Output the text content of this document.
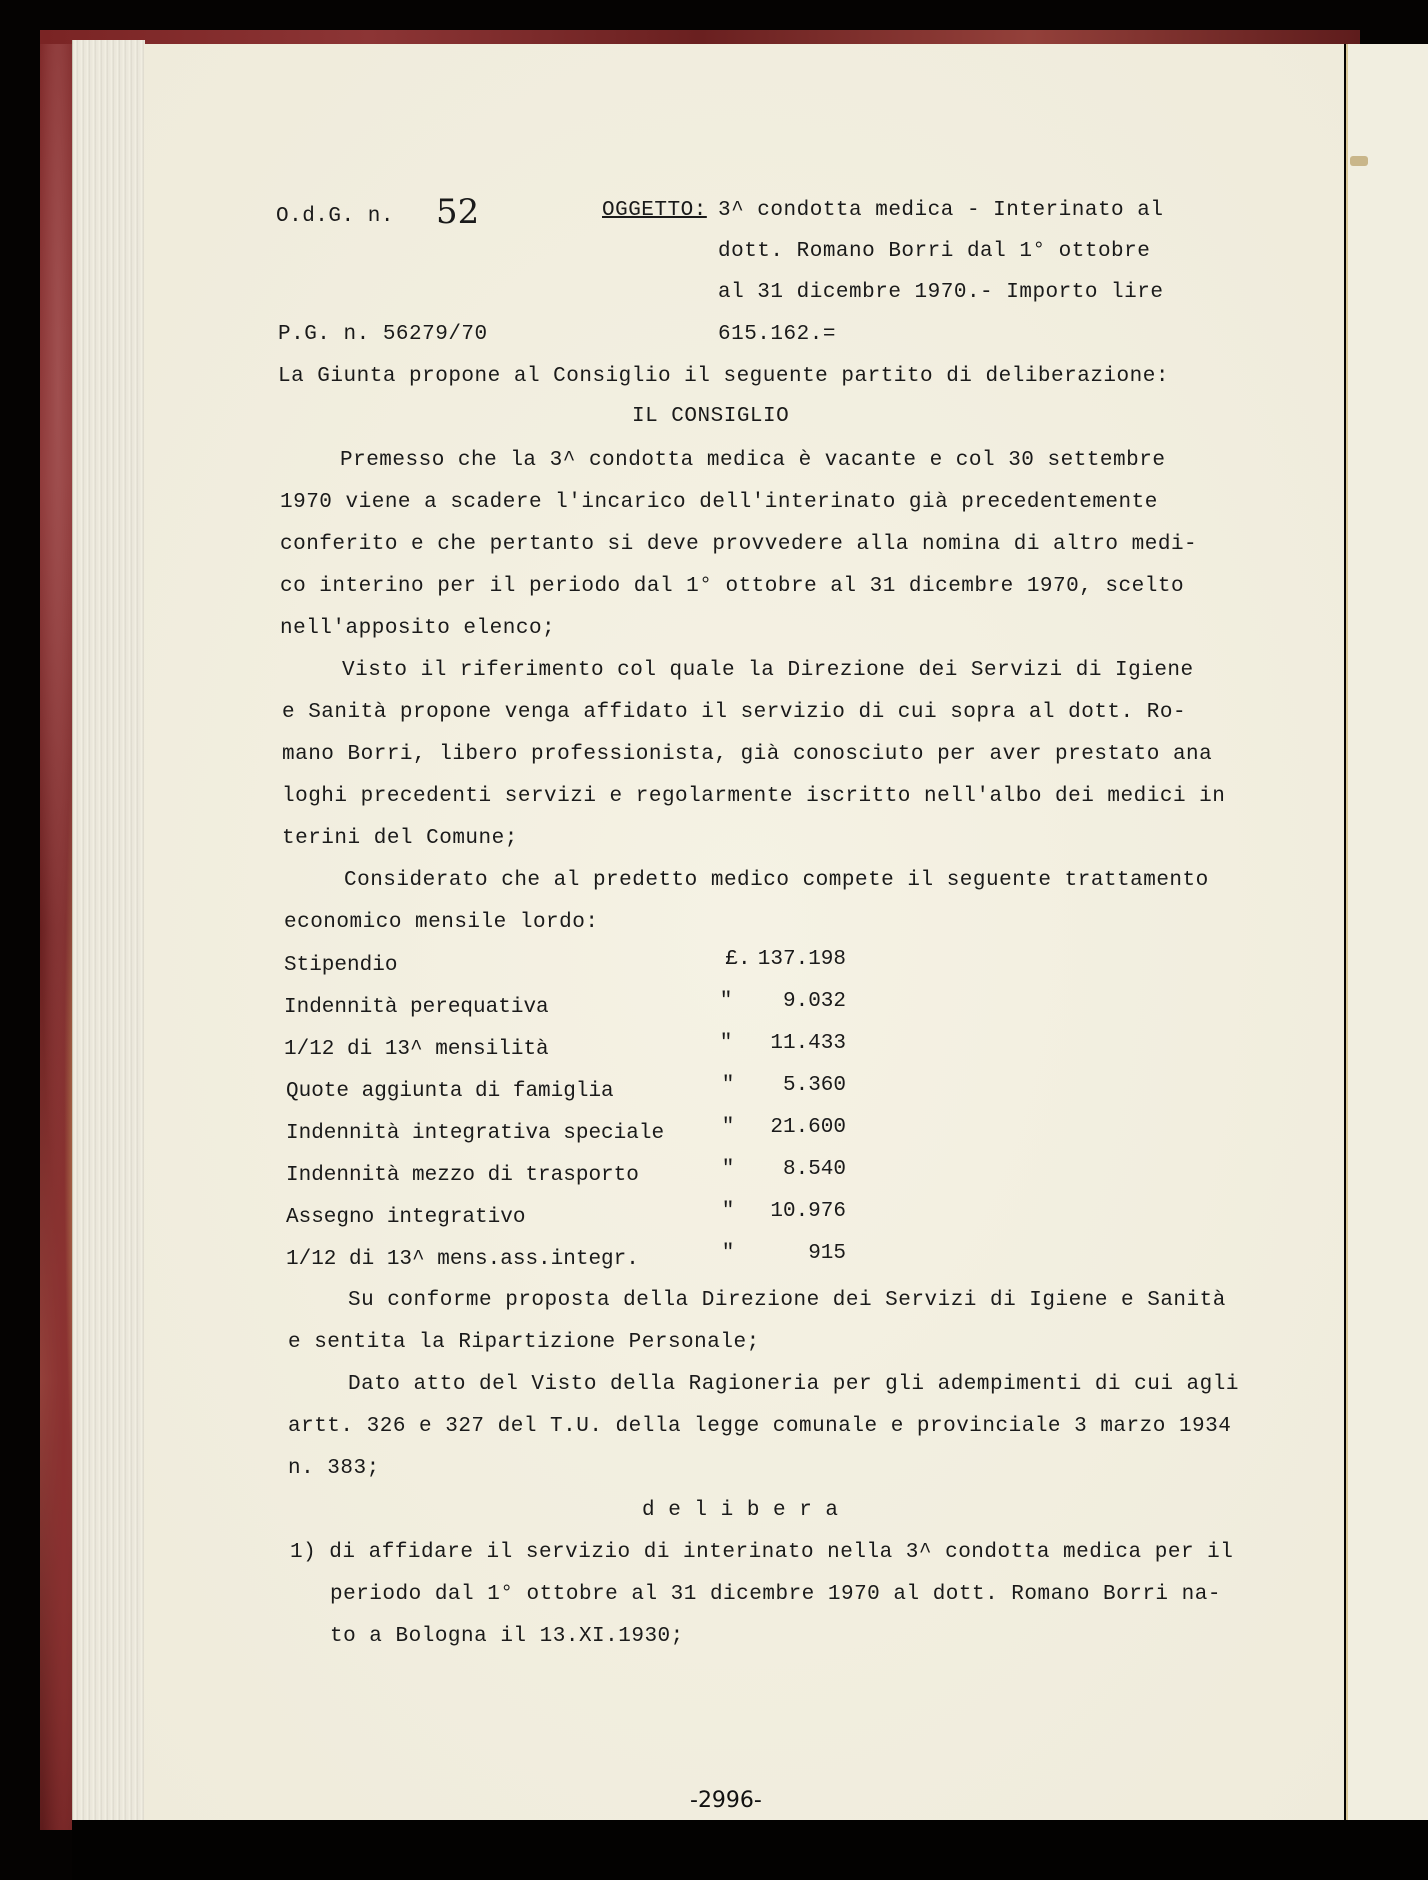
O.d.G. n. 52	OGGETTO: 3^ condotta medica - Interinato al
dott. Romano Borri dal 1° ottobre
al 31 dicembre 1970.- Importo lire
615.162.=
P.G. n. 56279/70
La Giunta propone al Consiglio il seguente partito di deliberazione:
IL CONSIGLIO
Premesso che la 3^ condotta medica è vacante e col 30 settembre
1970 viene a scadere l'incarico dell'interinato già precedentemente
conferito e che pertanto si deve provvedere alla nomina di altro medi-
co interino per il periodo dal 1° ottobre al 31 dicembre 1970, scelto
nell'apposito elenco;
Visto il riferimento col quale la Direzione dei Servizi di Igiene
e Sanità propone venga affidato il servizio di cui sopra al dott. Ro-
mano Borri, libero professionista, già conosciuto per aver prestato ana
loghi precedenti servizi e regolarmente iscritto nell'albo dei medici in
terini del Comune;
Considerato che al predetto medico compete il seguente trattamento
economico mensile lordo:
Stipendio	£. 137.198
Indennità perequativa	"	9.032
1/12 di 13^ mensilità	"	11.433
Quote aggiunta di famiglia	"	5.360
Indennità integrativa speciale	"	21.600
Indennità mezzo di trasporto	"	8.540
Assegno integrativo	"	10.976
1/12 di 13^ mens.ass.integr.	"	915
Su conforme proposta della Direzione dei Servizi di Igiene e Sanità
e sentita la Ripartizione Personale;
Dato atto del Visto della Ragioneria per gli adempimenti di cui agli
artt. 326 e 327 del T.U. della legge comunale e provinciale 3 marzo 1934
n. 383;
d e l i b e r a
1) di affidare il servizio di interinato nella 3^ condotta medica per il
periodo dal 1° ottobre al 31 dicembre 1970 al dott. Romano Borri na-
to a Bologna il 13.XI.1930;
-2996-
